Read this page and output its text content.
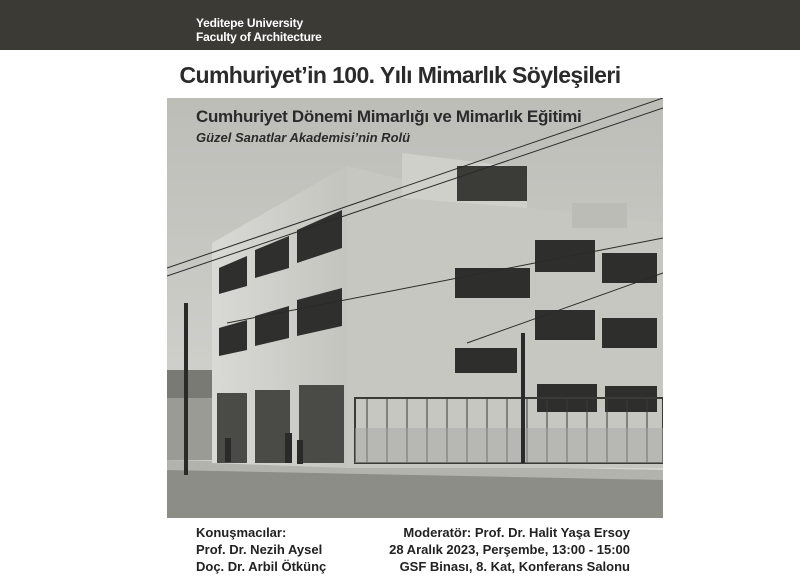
Yeditepe University
Faculty of Architecture
Cumhuriyet’in 100. Yılı Mimarlık Söyleşileri
Cumhuriyet Dönemi Mimarlığı ve Mimarlık Eğitimi
Güzel Sanatlar Akademisi’nin Rolü
Konuşmacılar:
Prof. Dr. Nezih Aysel
Doç. Dr. Arbil Ötkünç
Moderatör: Prof. Dr. Halit Yaşa Ersoy
28 Aralık 2023, Perşembe, 13:00 - 15:00
GSF Binası, 8. Kat, Konferans Salonu
